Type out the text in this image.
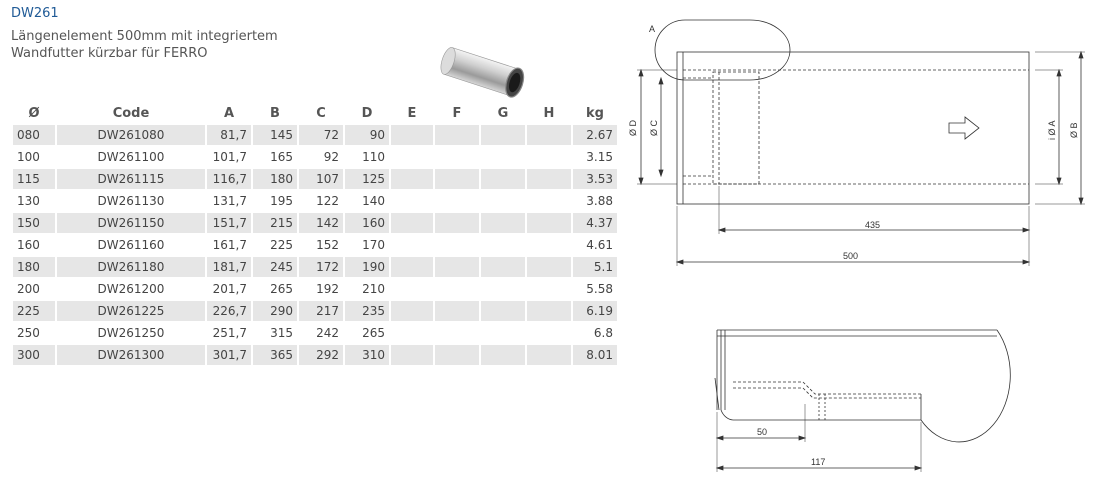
DW261
Längenelement 500mm mit integriertem
Wandfutter kürzbar für FERRO
Ø	Code	A	B	C	D	E	F	G	H	kg
080	DW261080	81,7	145	72	90					2.67
100	DW261100	101,7	165	92	110					3.15
115	DW261115	116,7	180	107	125					3.53
130	DW261130	131,7	195	122	140					3.88
150	DW261150	151,7	215	142	160					4.37
160	DW261160	161,7	225	152	170					4.61
180	DW261180	181,7	245	172	190					5.1
200	DW261200	201,7	265	192	210					5.58
225	DW261225	226,7	290	217	235					6.19
250	DW261250	251,7	315	242	265					6.8
300	DW261300	301,7	365	292	310					8.01
A
Ø D Ø C	i Ø A Ø B
435
500
50
117
